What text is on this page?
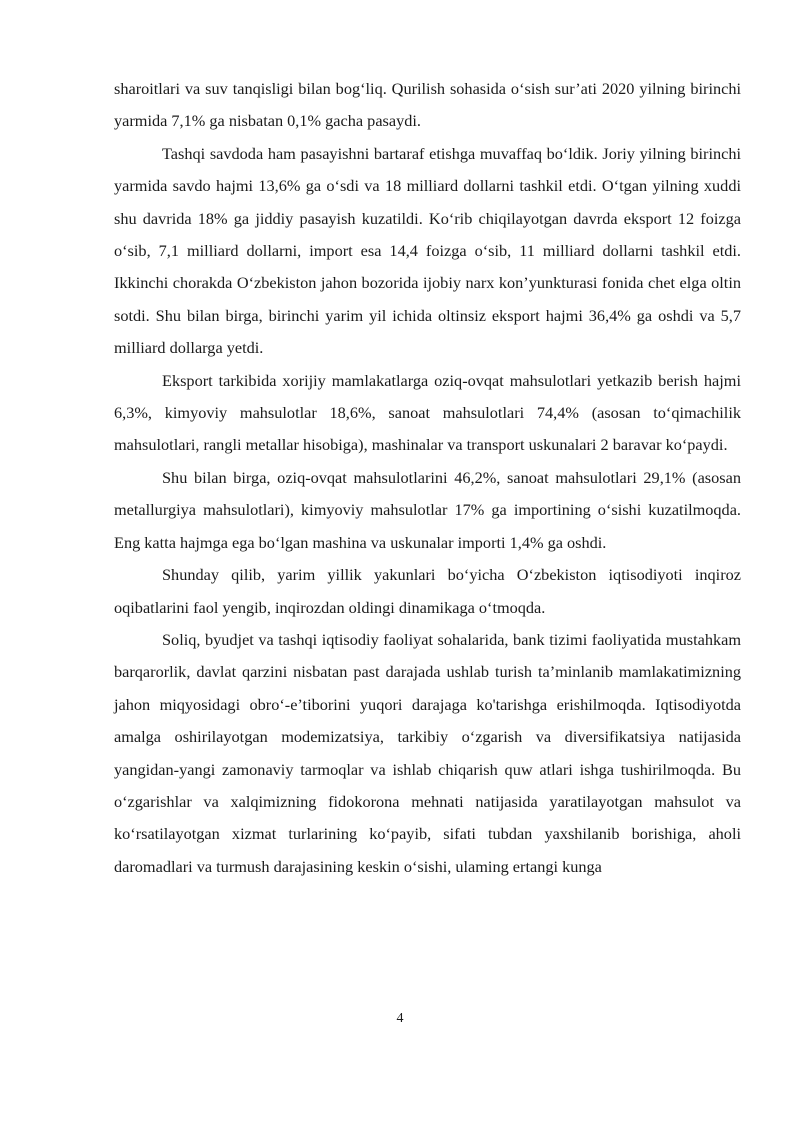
sharoitlari va suv tanqisligi bilan bog‘liq. Qurilish sohasida o‘sish sur’ati 2020 yilning birinchi yarmida 7,1% ga nisbatan 0,1% gacha pasaydi.

Tashqi savdoda ham pasayishni bartaraf etishga muvaffaq bo‘ldik. Joriy yilning birinchi yarmida savdo hajmi 13,6% ga o‘sdi va 18 milliard dollarni tashkil etdi. O‘tgan yilning xuddi shu davrida 18% ga jiddiy pasayish kuzatildi. Ko‘rib chiqilayotgan davrda eksport 12 foizga o‘sib, 7,1 milliard dollarni, import esa 14,4 foizga o‘sib, 11 milliard dollarni tashkil etdi. Ikkinchi chorakda O‘zbekiston jahon bozorida ijobiy narx kon’yunkturasi fonida chet elga oltin sotdi. Shu bilan birga, birinchi yarim yil ichida oltinsiz eksport hajmi 36,4% ga oshdi va 5,7 milliard dollarga yetdi.

Eksport tarkibida xorijiy mamlakatlarga oziq-ovqat mahsulotlari yetkazib berish hajmi 6,3%, kimyoviy mahsulotlar 18,6%, sanoat mahsulotlari 74,4% (asosan to‘qimachilik mahsulotlari, rangli metallar hisobiga), mashinalar va transport uskunalari 2 baravar ko‘paydi.

Shu bilan birga, oziq-ovqat mahsulotlarini 46,2%, sanoat mahsulotlari 29,1% (asosan metallurgiya mahsulotlari), kimyoviy mahsulotlar 17% ga importining o‘sishi kuzatilmoqda. Eng katta hajmga ega bo‘lgan mashina va uskunalar importi 1,4% ga oshdi.

Shunday qilib, yarim yillik yakunlari bo‘yicha O‘zbekiston iqtisodiyoti inqiroz oqibatlarini faol yengib, inqirozdan oldingi dinamikaga o‘tmoqda.

Soliq, byudjet va tashqi iqtisodiy faoliyat sohalarida, bank tizimi faoliyatida mustahkam barqarorlik, davlat qarzini nisbatan past darajada ushlab turish ta’minlanib mamlakatimizning jahon miqyosidagi obro‘-e’tiborini yuqori darajaga ko'tarishga erishilmoqda. Iqtisodiyotda amalga oshirilayotgan modemizatsiya, tarkibiy o‘zgarish va diversifikatsiya natijasida yangidan-yangi zamonaviy tarmoqlar va ishlab chiqarish quw atlari ishga tushirilmoqda. Bu o‘zgarishlar va xalqimizning fidokorona mehnati natijasida yaratilayotgan mahsulot va ko‘rsatilayotgan xizmat turlarining ko‘payib, sifati tubdan yaxshilanib borishiga, aholi daromadlari va turmush darajasining keskin o‘sishi, ulaming ertangi kunga

4
